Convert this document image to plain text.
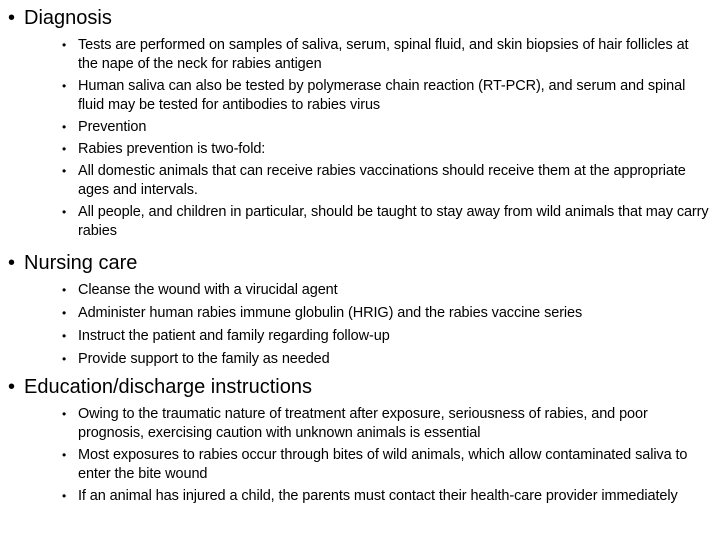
• Diagnosis
• Tests are performed on samples of saliva, serum, spinal fluid, and skin biopsies of hair follicles at the nape of the neck for rabies antigen
• Human saliva can also be tested by polymerase chain reaction (RT-PCR), and serum and spinal fluid may be tested for antibodies to rabies virus
• Prevention
• Rabies prevention is two-fold:
• All domestic animals that can receive rabies vaccinations should receive them at the appropriate ages and intervals.
• All people, and children in particular, should be taught to stay away from wild animals that may carry rabies
• Nursing care
• Cleanse the wound with a virucidal agent
• Administer human rabies immune globulin (HRIG) and the rabies vaccine series
• Instruct the patient and family regarding follow-up
• Provide support to the family as needed
• Education/discharge instructions
• Owing to the traumatic nature of treatment after exposure, seriousness of rabies, and poor prognosis, exercising caution with unknown animals is essential
• Most exposures to rabies occur through bites of wild animals, which allow contaminated saliva to enter the bite wound
• If an animal has injured a child, the parents must contact their health-care provider immediately
